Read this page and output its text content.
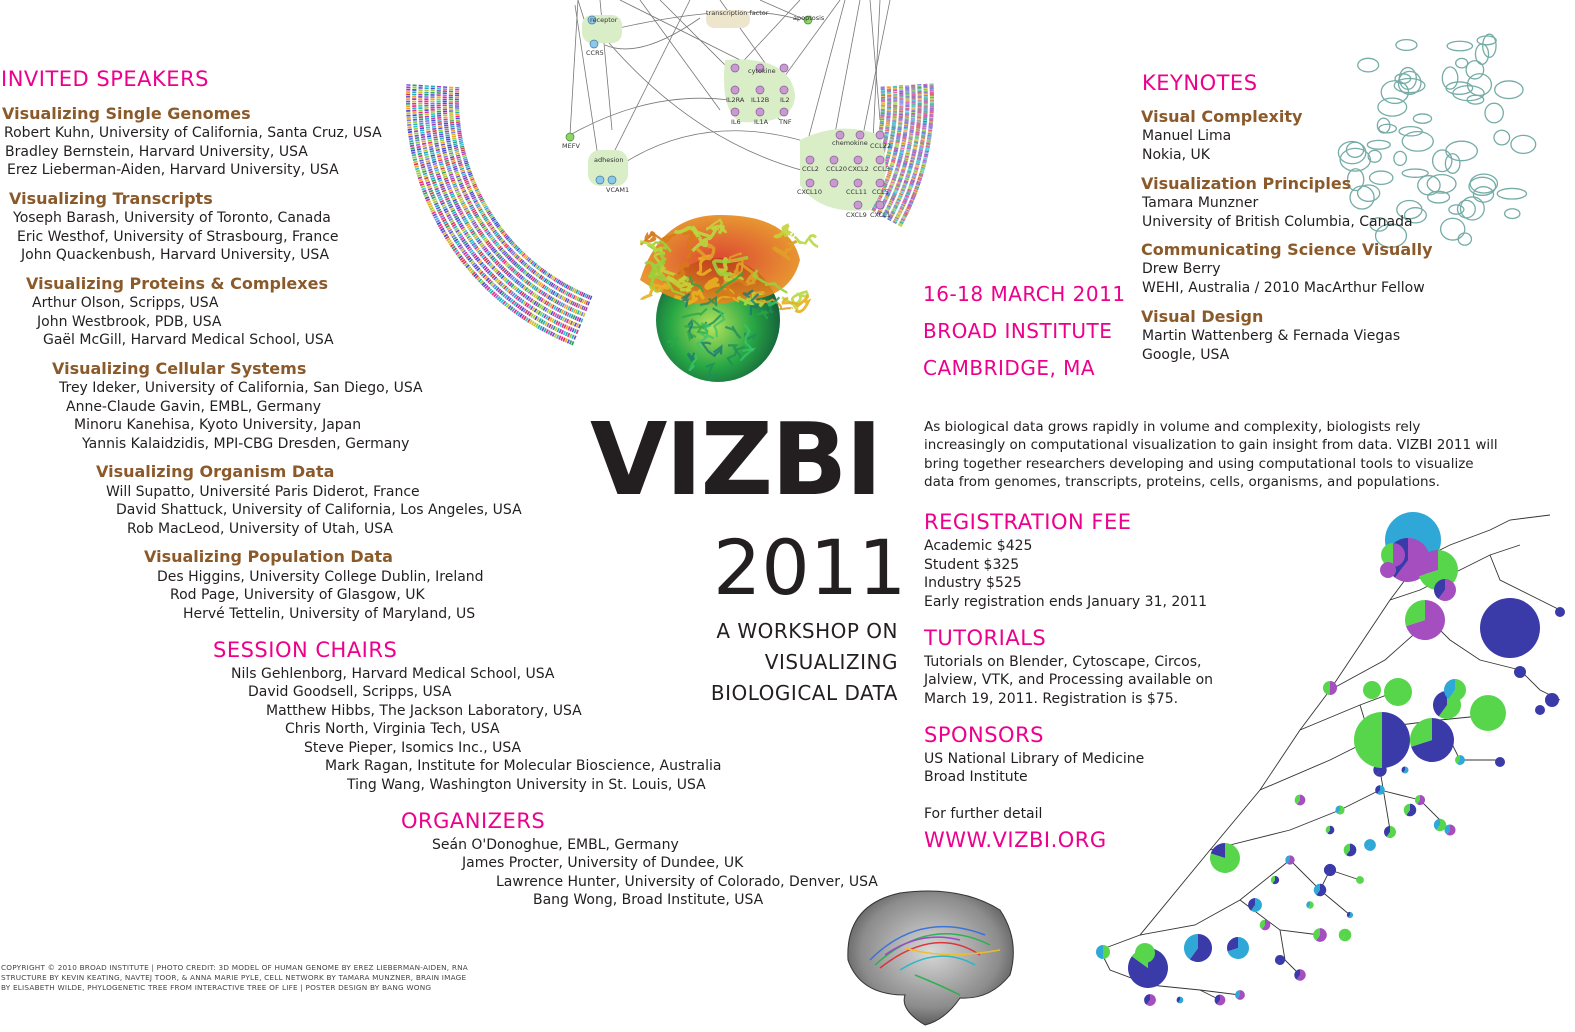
receptor
transcription factor
apoptosis
CCR5
cytokine
IL2RA IL12B IL2
IL6 IL1A TNF
MEFV
adhesion
VCAM1
chemokine CCL22
CCL2 CCL20 CXCL2 CCL3
CXCL10	CCL11 CCL5
CXCL9 CXCL1
INVITED SPEAKERS
Visualizing Single Genomes
Robert Kuhn, University of California, Santa Cruz, USA
Bradley Bernstein, Harvard University, USA
Erez Lieberman-Aiden, Harvard University, USA
Visualizing Transcripts
Yoseph Barash, University of Toronto, Canada
Eric Westhof, University of Strasbourg, France
John Quackenbush, Harvard University, USA
Visualizing Proteins & Complexes
Arthur Olson, Scripps, USA
John Westbrook, PDB, USA
Gaël McGill, Harvard Medical School, USA
Visualizing Cellular Systems
Trey Ideker, University of California, San Diego, USA
Anne-Claude Gavin, EMBL, Germany
Minoru Kanehisa, Kyoto University, Japan
Yannis Kalaidzidis, MPI-CBG Dresden, Germany
Visualizing Organism Data
Will Supatto, Université Paris Diderot, France
David Shattuck, University of California, Los Angeles, USA
Rob MacLeod, University of Utah, USA
Visualizing Population Data
Des Higgins, University College Dublin, Ireland
Rod Page, University of Glasgow, UK
Hervé Tettelin, University of Maryland, US
SESSION CHAIRS
Nils Gehlenborg, Harvard Medical School, USA
David Goodsell, Scripps, USA
Matthew Hibbs, The Jackson Laboratory, USA
Chris North, Virginia Tech, USA
Steve Pieper, Isomics Inc., USA
Mark Ragan, Institute for Molecular Bioscience, Australia
Ting Wang, Washington University in St. Louis, USA
ORGANIZERS
Seán O'Donoghue, EMBL, Germany
James Procter, University of Dundee, UK
Lawrence Hunter, University of Colorado, Denver, USA
Bang Wong, Broad Institute, USA
COPYRIGHT © 2010 BROAD INSTITUTE | PHOTO CREDIT: 3D MODEL OF HUMAN GENOME BY EREZ LIEBERMAN-AIDEN, RNA
STRUCTURE BY KEVIN KEATING, NAVTEJ TOOR, & ANNA MARIE PYLE, CELL NETWORK BY TAMARA MUNZNER, BRAIN IMAGE
BY ELISABETH WILDE, PHYLOGENETIC TREE FROM INTERACTIVE TREE OF LIFE | POSTER DESIGN BY BANG WONG
VIZBI
2011
A WORKSHOP ON
VISUALIZING
BIOLOGICAL DATA
16-18 MARCH 2011
BROAD INSTITUTE
CAMBRIDGE, MA
KEYNOTES
Visual Complexity
Manuel Lima
Nokia, UK
Visualization Principles
Tamara Munzner
University of British Columbia, Canada
Communicating Science Visually
Drew Berry
WEHI, Australia / 2010 MacArthur Fellow
Visual Design
Martin Wattenberg & Fernada Viegas
Google, USA
As biological data grows rapidly in volume and complexity, biologists rely increasingly on computational visualization to gain insight from data. VIZBI 2011 will bring together researchers developing and using computational tools to visualize data from genomes, transcripts, proteins, cells, organisms, and populations.
REGISTRATION FEE
Academic $425
Student $325
Industry $525
Early registration ends January 31, 2011
TUTORIALS
Tutorials on Blender, Cytoscape, Circos,
Jalview, VTK, and Processing available on
March 19, 2011. Registration is $75.
SPONSORS
US National Library of Medicine
Broad Institute
For further detail
WWW.VIZBI.ORG
